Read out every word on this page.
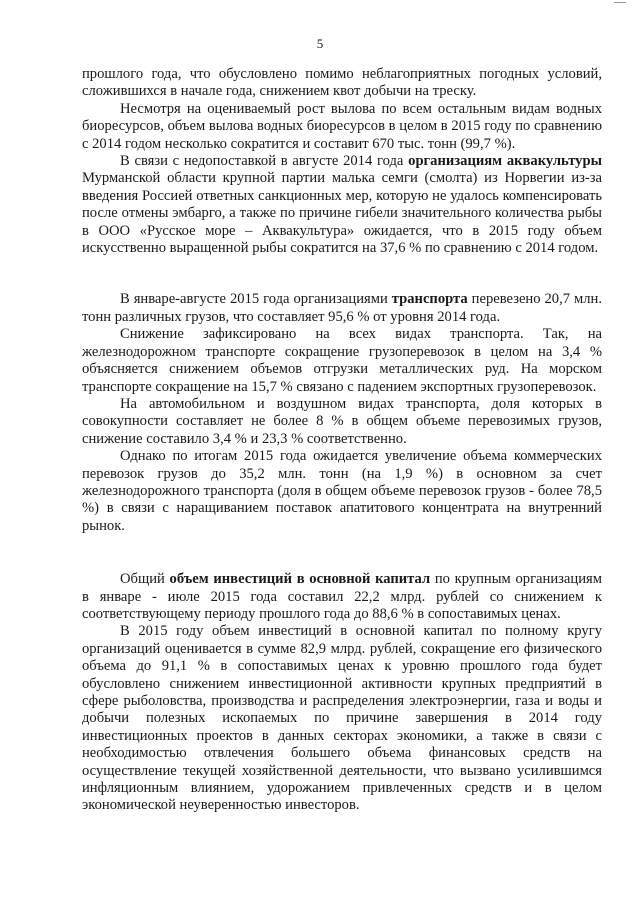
5

прошлого года, что обусловлено помимо неблагоприятных погодных условий, сложившихся в начале года, снижением квот добычи на треску.

Несмотря на оцениваемый рост вылова по всем остальным видам водных биоресурсов, объем вылова водных биоресурсов в целом в 2015 году по сравнению с 2014 годом несколько сократится и составит 670 тыс. тонн (99,7 %).

В связи с недопоставкой в августе 2014 года организациям аквакультуры Мурманской области крупной партии малька семги (смолта) из Норвегии из-за введения Россией ответных санкционных мер, которую не удалось компенсировать после отмены эмбарго, а также по причине гибели значительного количества рыбы в ООО «Русское море – Аквакультура» ожидается, что в 2015 году объем искусственно выращенной рыбы сократится на 37,6 % по сравнению с 2014 годом.

В январе-августе 2015 года организациями транспорта перевезено 20,7 млн. тонн различных грузов, что составляет 95,6 % от уровня 2014 года.

Снижение зафиксировано на всех видах транспорта. Так, на железнодорожном транспорте сокращение грузоперевозок в целом на 3,4 % объясняется снижением объемов отгрузки металлических руд. На морском транспорте сокращение на 15,7 % связано с падением экспортных грузоперевозок.

На автомобильном и воздушном видах транспорта, доля которых в совокупности составляет не более 8 % в общем объеме перевозимых грузов, снижение составило 3,4 % и 23,3 % соответственно.

Однако по итогам 2015 года ожидается увеличение объема коммерческих перевозок грузов до 35,2 млн. тонн (на 1,9 %) в основном за счет железнодорожного транспорта (доля в общем объеме перевозок грузов - более 78,5 %) в связи с наращиванием поставок апатитового концентрата на внутренний рынок.

Общий объем инвестиций в основной капитал по крупным организациям в январе - июле 2015 года составил 22,2 млрд. рублей со снижением к соответствующему периоду прошлого года до 88,6 % в сопоставимых ценах.

В 2015 году объем инвестиций в основной капитал по полному кругу организаций оценивается в сумме 82,9 млрд. рублей, сокращение его физического объема до 91,1 % в сопоставимых ценах к уровню прошлого года будет обусловлено снижением инвестиционной активности крупных предприятий в сфере рыболовства, производства и распределения электроэнергии, газа и воды и добычи полезных ископаемых по причине завершения в 2014 году инвестиционных проектов в данных секторах экономики, а также в связи с необходимостью отвлечения большего объема финансовых средств на осуществление текущей хозяйственной деятельности, что вызвано усилившимся инфляционным влиянием, удорожанием привлеченных средств и в целом экономической неуверенностью инвесторов.
